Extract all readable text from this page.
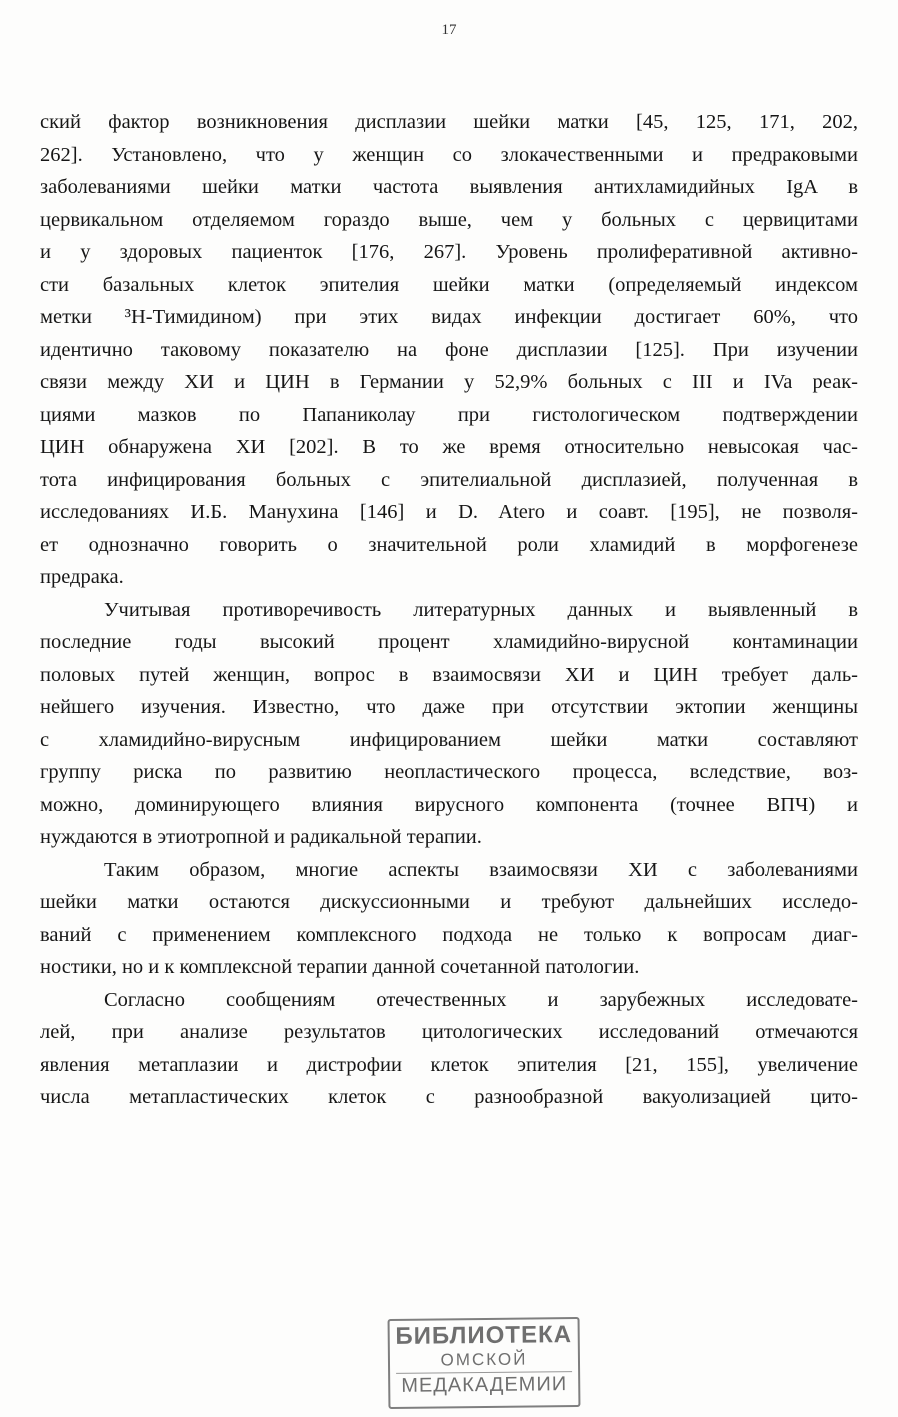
17
ский фактор возникновения дисплазии шейки матки [45, 125, 171, 202,
262]. Установлено, что у женщин со злокачественными и предраковыми
заболеваниями шейки матки частота выявления антихламидийных IgA в
цервикальном отделяемом гораздо выше, чем у больных с цервицитами
и у здоровых пациенток [176, 267]. Уровень пролиферативной активно-
сти базальных клеток эпителия шейки матки (определяемый индексом
метки ³Н-Тимидином) при этих видах инфекции достигает 60%, что
идентично таковому показателю на фоне дисплазии [125]. При изучении
связи между ХИ и ЦИН в Германии у 52,9% больных с III и IVa реак-
циями мазков по Папаниколау при гистологическом подтверждении
ЦИН обнаружена ХИ [202]. В то же время относительно невысокая час-
тота инфицирования больных с эпителиальной дисплазией, полученная в
исследованиях И.Б. Манухина [146] и D. Atero и соавт. [195], не позволя-
ет однозначно говорить о значительной роли хламидий в морфогенезе
предрака.
Учитывая противоречивость литературных данных и выявленный в
последние годы высокий процент хламидийно-вирусной контаминации
половых путей женщин, вопрос в взаимосвязи ХИ и ЦИН требует даль-
нейшего изучения. Известно, что даже при отсутствии эктопии женщины
с хламидийно-вирусным инфицированием шейки матки составляют
группу риска по развитию неопластического процесса, вследствие, воз-
можно, доминирующего влияния вирусного компонента (точнее ВПЧ) и
нуждаются в этиотропной и радикальной терапии.
Таким образом, многие аспекты взаимосвязи ХИ с заболеваниями
шейки матки остаются дискуссионными и требуют дальнейших исследо-
ваний с применением комплексного подхода не только к вопросам диаг-
ностики, но и к комплексной терапии данной сочетанной патологии.
Согласно сообщениям отечественных и зарубежных исследовате-
лей, при анализе результатов цитологических исследований отмечаются
явления метаплазии и дистрофии клеток эпителия [21, 155], увеличение
числа метапластических клеток с разнообразной вакуолизацией цито-
БИБЛИОТЕКА
ОМСКОЙ
МЕДАКАДЕМИИ
